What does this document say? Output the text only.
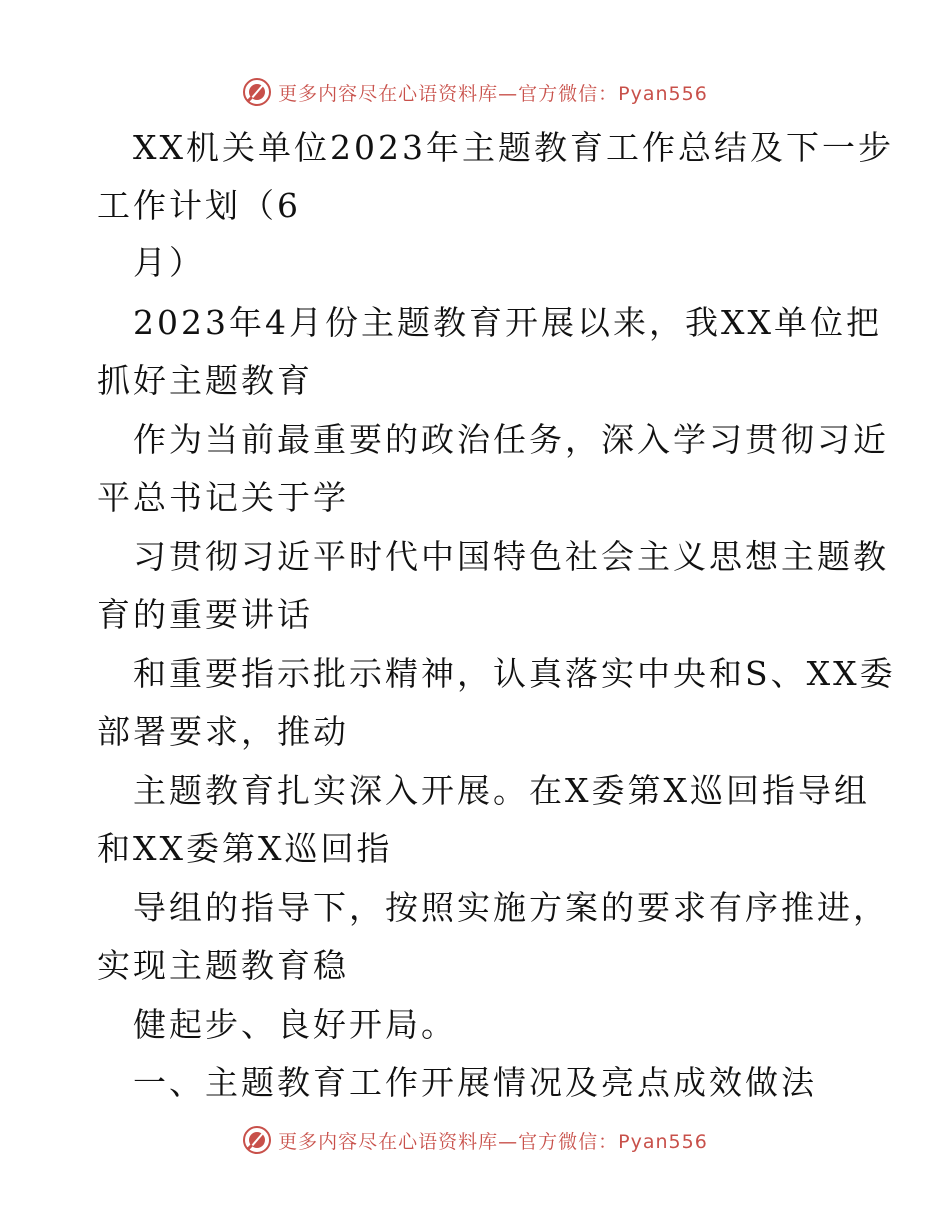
更多内容尽在心语资料库—官方微信：Pyan556
XX机关单位2023年主题教育工作总结及下一步
工作计划（6
月）
2023年4月份主题教育开展以来，我XX单位把
抓好主题教育
作为当前最重要的政治任务，深入学习贯彻习近
平总书记关于学
习贯彻习近平时代中国特色社会主义思想主题教
育的重要讲话
和重要指示批示精神，认真落实中央和S、XX委
部署要求，推动
主题教育扎实深入开展。在X委第X巡回指导组
和XX委第X巡回指
导组的指导下，按照实施方案的要求有序推进，
实现主题教育稳
健起步、良好开局。
一、主题教育工作开展情况及亮点成效做法
更多内容尽在心语资料库—官方微信：Pyan556
